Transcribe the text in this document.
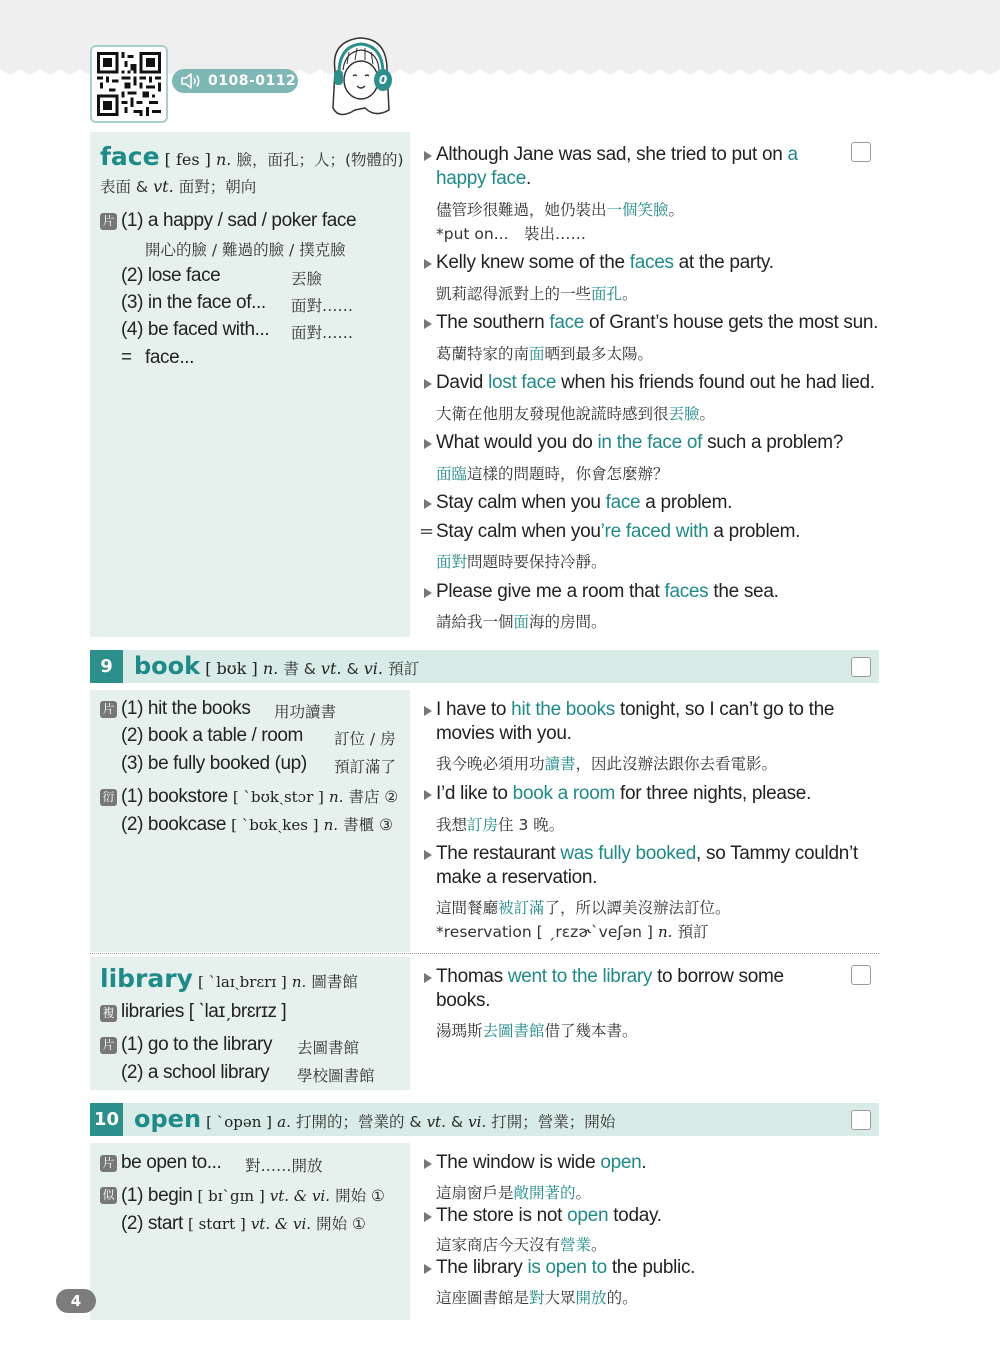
0108-0112	0
face [ fes ] n. 臉，面孔；人；(物體的)
表面 & vt. 面對；朝向
片 (1) a happy / sad / poker face
開心的臉 / 難過的臉 / 撲克臉
(2) lose face	丟臉
(3) in the face of... 面對……
(4) be faced with... 面對……
= face...
Although Jane was sad, she tried to put on a
happy face.
儘管珍很難過，她仍裝出一個笑臉。
*put on...　裝出……
Kelly knew some of the faces at the party.
凱莉認得派對上的一些面孔。
The southern face of Grant’s house gets the most sun.
葛蘭特家的南面晒到最多太陽。
David lost face when his friends found out he had lied.
大衛在他朋友發現他說謊時感到很丟臉。
What would you do in the face of such a problem?
面臨這樣的問題時，你會怎麼辦？
Stay calm when you face a problem.
= Stay calm when you’re faced with a problem.
面對問題時要保持冷靜。
Please give me a room that faces the sea.
請給我一個面海的房間。
9 book [ bʊk ] n. 書 & vt. & vi. 預訂
片 (1) hit the books 用功讀書
(2) book a table / room 訂位 / 房
(3) be fully booked (up) 預訂滿了
衍 (1) bookstore [ ˋbʊkˏstɔr ] n. 書店 ②
(2) bookcase [ ˋbʊkˏkes ] n. 書櫃 ③
I have to hit the books tonight, so I can’t go to the
movies with you.
我今晚必須用功讀書，因此沒辦法跟你去看電影。
I’d like to book a room for three nights, please.
我想訂房住 3 晚。
The restaurant was fully booked, so Tammy couldn’t
make a reservation.
這間餐廳被訂滿了，所以譚美沒辦法訂位。
*reservation [ ˏrɛzɚˋveʃən ] n. 預訂
library [ ˋlaɪˏbrɛrɪ ] n. 圖書館
複 libraries [ ˋlaɪˏbrɛrɪz ]
片 (1) go to the library 去圖書館
(2) a school library 學校圖書館
Thomas went to the library to borrow some
books.
湯瑪斯去圖書館借了幾本書。
10 open [ ˋopən ] a. 打開的；營業的 & vt. & vi. 打開；營業；開始
片 be open to... 對……開放
似 (1) begin [ bɪˋgɪn ] vt. & vi. 開始 ①
(2) start [ stɑrt ] vt. & vi. 開始 ①
The window is wide open.
這扇窗戶是敞開著的。
The store is not open today.
這家商店今天沒有營業。
The library is open to the public.
這座圖書館是對大眾開放的。
4
